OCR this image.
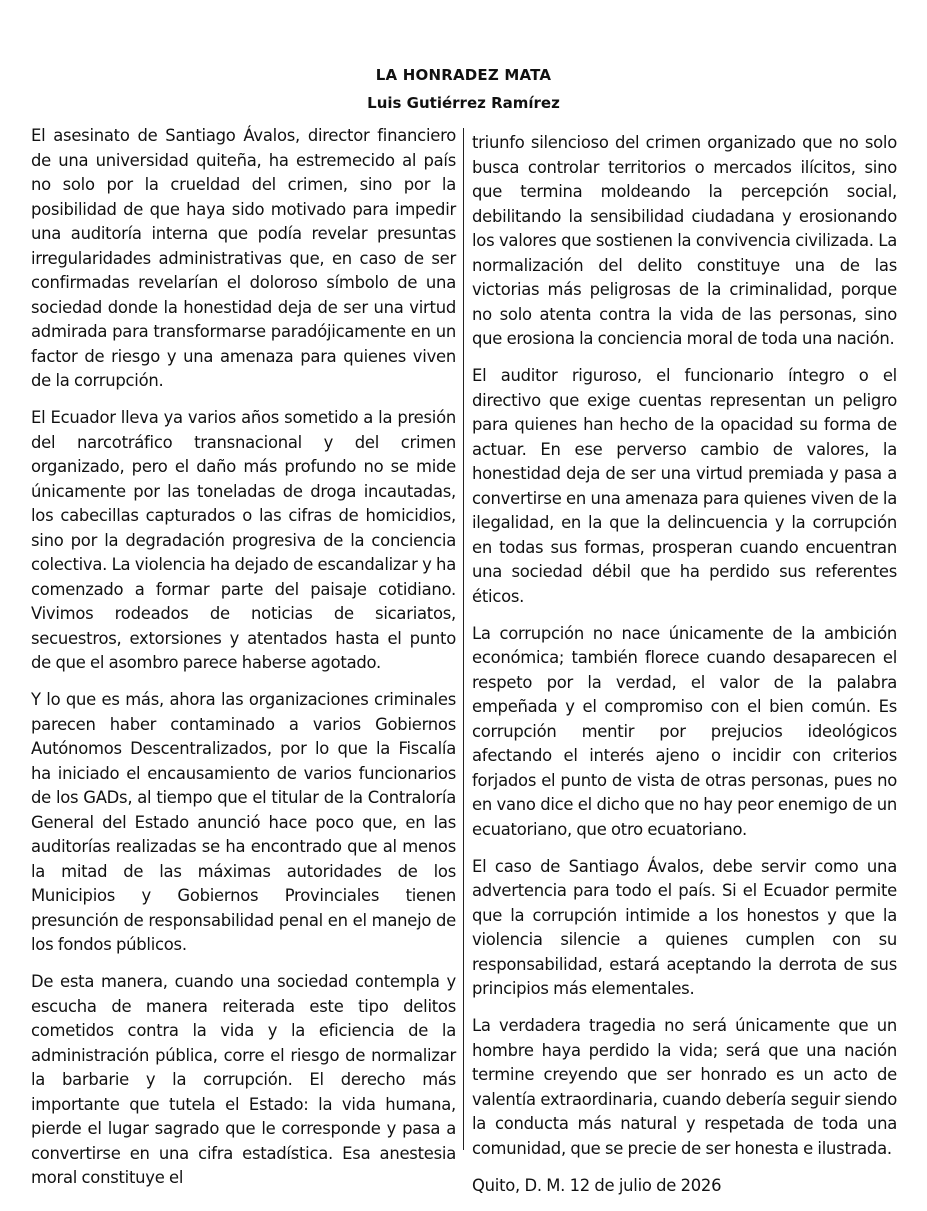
LA HONRADEZ MATA

Luis Gutiérrez Ramírez

El asesinato de Santiago Ávalos, director financiero de una universidad quiteña, ha estremecido al país no solo por la crueldad del crimen, sino por la posibilidad de que haya sido motivado para impedir una auditoría interna que podía revelar presuntas irregularidades administrativas que, en caso de ser confirmadas revelarían el doloroso símbolo de una sociedad donde la honestidad deja de ser una virtud admirada para transformarse paradójicamente en un factor de riesgo y una amenaza para quienes viven de la corrupción.

El Ecuador lleva ya varios años sometido a la presión del narcotráfico transnacional y del crimen organizado, pero el daño más profundo no se mide únicamente por las toneladas de droga incautadas, los cabecillas capturados o las cifras de homicidios, sino por la degradación progresiva de la conciencia colectiva. La violencia ha dejado de escandalizar y ha comenzado a formar parte del paisaje cotidiano. Vivimos rodeados de noticias de sicariatos, secuestros, extorsiones y atentados hasta el punto de que el asombro parece haberse agotado.

Y lo que es más, ahora las organizaciones criminales parecen haber contaminado a varios Gobiernos Autónomos Descentralizados, por lo que la Fiscalía ha iniciado el encausamiento de varios funcionarios de los GADs, al tiempo que el titular de la Contraloría General del Estado anunció hace poco que, en las auditorías realizadas se ha encontrado que al menos la mitad de las máximas autoridades de los Municipios y Gobiernos Provinciales tienen presunción de responsabilidad penal en el manejo de los fondos públicos.

De esta manera, cuando una sociedad contempla y escucha de manera reiterada este tipo delitos cometidos contra la vida y la eficiencia de la administración pública, corre el riesgo de normalizar la barbarie y la corrupción. El derecho más importante que tutela el Estado: la vida humana, pierde el lugar sagrado que le corresponde y pasa a convertirse en una cifra estadística. Esa anestesia moral constituye el

triunfo silencioso del crimen organizado que no solo busca controlar territorios o mercados ilícitos, sino que termina moldeando la percepción social, debilitando la sensibilidad ciudadana y erosionando los valores que sostienen la convivencia civilizada. La normalización del delito constituye una de las victorias más peligrosas de la criminalidad, porque no solo atenta contra la vida de las personas, sino que erosiona la conciencia moral de toda una nación.

El auditor riguroso, el funcionario íntegro o el directivo que exige cuentas representan un peligro para quienes han hecho de la opacidad su forma de actuar. En ese perverso cambio de valores, la honestidad deja de ser una virtud premiada y pasa a convertirse en una amenaza para quienes viven de la ilegalidad, en la que la delincuencia y la corrupción en todas sus formas, prosperan cuando encuentran una sociedad débil que ha perdido sus referentes éticos.

La corrupción no nace únicamente de la ambición económica; también florece cuando desaparecen el respeto por la verdad, el valor de la palabra empeñada y el compromiso con el bien común. Es corrupción mentir por prejucios ideológicos afectando el interés ajeno o incidir con criterios forjados el punto de vista de otras personas, pues no en vano dice el dicho que no hay peor enemigo de un ecuatoriano, que otro ecuatoriano.

El caso de Santiago Ávalos, debe servir como una advertencia para todo el país. Si el Ecuador permite que la corrupción intimide a los honestos y que la violencia silencie a quienes cumplen con su responsabilidad, estará aceptando la derrota de sus principios más elementales.

La verdadera tragedia no será únicamente que un hombre haya perdido la vida; será que una nación termine creyendo que ser honrado es un acto de valentía extraordinaria, cuando debería seguir siendo la conducta más natural y respetada de toda una comunidad, que se precie de ser honesta e ilustrada.

Quito, D. M. 12 de julio de 2026
